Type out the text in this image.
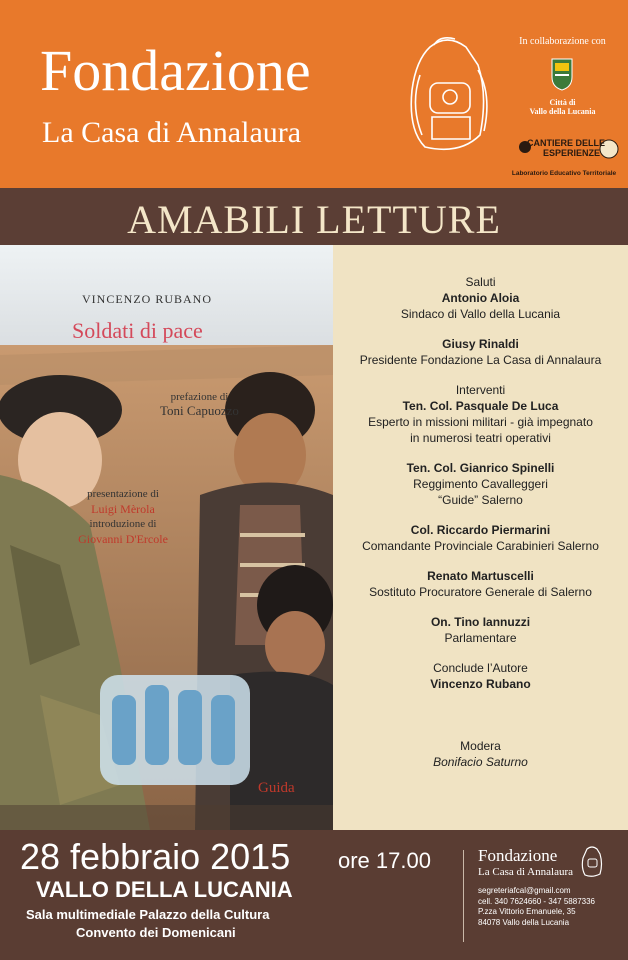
Fondazione
La Casa di Annalaura
In collaborazione con
Città di
Vallo della Lucania
CANTIERE DELLE
ESPERIENZE
Laboratorio Educativo Territoriale
AMABILI LETTURE
VINCENZO RUBANO
Soldati di pace
prefazione di
Toni Capuozzo
presentazione di
Luigi Mèrola
introduzione di
Giovanni D'Ercole
Guida
Saluti
Antonio Aloia
Sindaco di Vallo della Lucania
Giusy Rinaldi
Presidente Fondazione La Casa di Annalaura
Interventi
Ten. Col. Pasquale De Luca
Esperto in missioni militari - già impegnato
in numerosi teatri operativi
Ten. Col. Gianrico Spinelli
Reggimento Cavalleggeri
“Guide” Salerno
Col. Riccardo Piermarini
Comandante Provinciale Carabinieri Salerno
Renato Martuscelli
Sostituto Procuratore Generale di Salerno
On. Tino Iannuzzi
Parlamentare
Conclude l’Autore
Vincenzo Rubano
Modera
Bonifacio Saturno
28 febbraio 2015 ore 17.00
VALLO DELLA LUCANIA
Sala multimediale Palazzo della Cultura
Convento dei Domenicani
Fondazione
La Casa di Annalaura
segreteriafcal@gmail.com
cell. 340 7624660 - 347 5887336
P.zza Vittorio Emanuele, 35
84078 Vallo della Lucania
